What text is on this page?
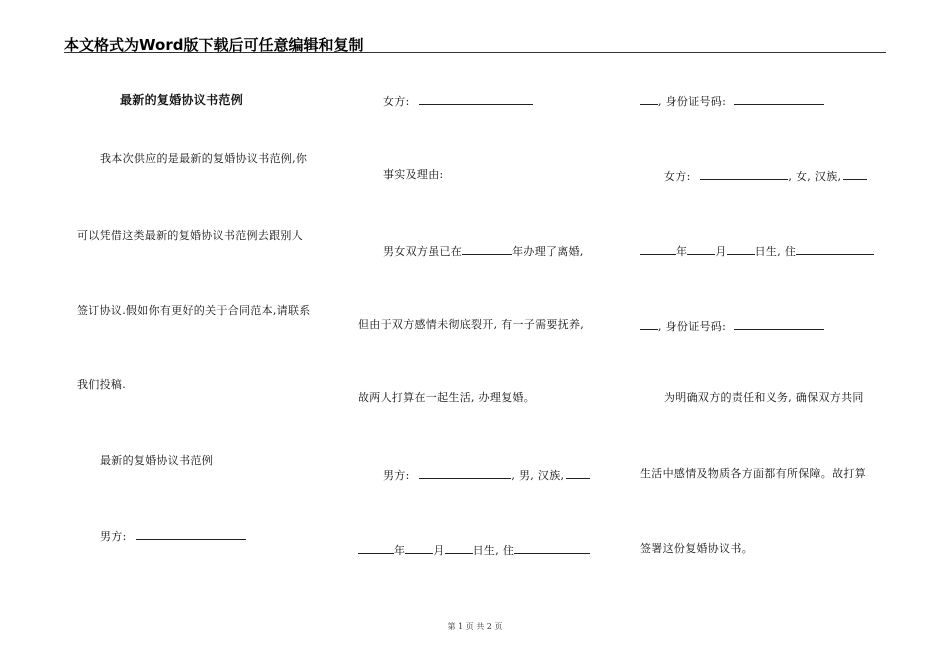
本文格式为Word版下载后可任意编辑和复制
最新的复婚协议书范例
我本次供应的是最新的复婚协议书范例,你
可以凭借这类最新的复婚协议书范例去跟别人
签订协议.假如你有更好的关于合同范本,请联系
我们投稿.
最新的复婚协议书范例
男方:
女方:
事实及理由:
男女双方虽已在	年办理了离婚,
但由于双方感情未彻底裂开, 有一子需要抚养,
故两人打算在一起生活, 办理复婚。
男方:	, 男, 汉族,
年	月	日生, 住
, 身份证号码:
女方:	, 女, 汉族,
年	月	日生, 住
, 身份证号码:
为明确双方的责任和义务, 确保双方共同
生活中感情及物质各方面都有所保障。故打算
签署这份复婚协议书。
第 1 页 共 2 页
